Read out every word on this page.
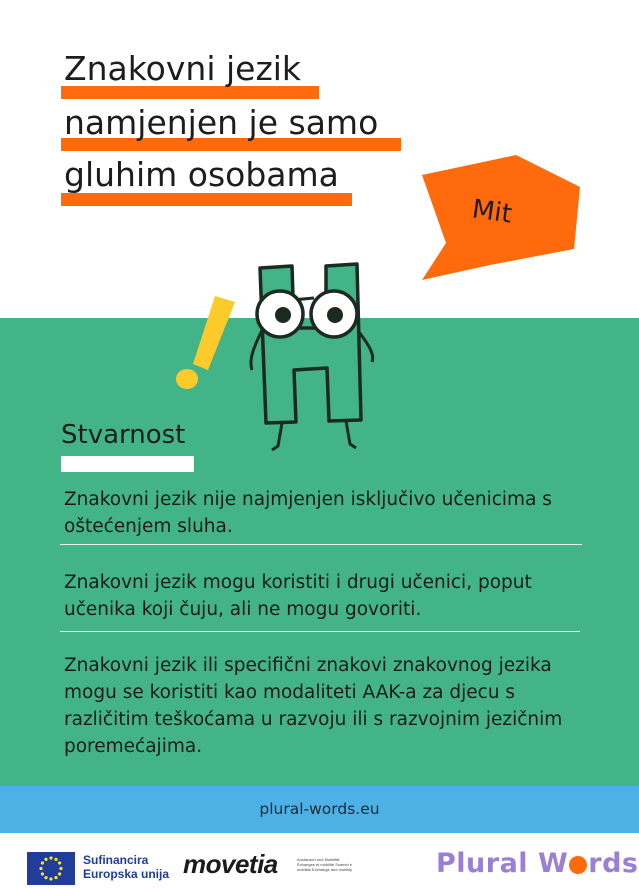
Znakovni jezik
namjenjen je samo
gluhim osobama
Mit
Stvarnost
Znakovni jezik nije najmjenjen isključivo učenicima s
oštećenjem sluha.
Znakovni jezik mogu koristiti i drugi učenici, poput
učenika koji čuju, ali ne mogu govoriti.
Znakovni jezik ili specifični znakovi znakovnog jezika
mogu se koristiti kao modaliteti AAK-a za djecu s
različitim teškoćama u razvoju ili s razvojnim jezičnim
poremećajima.
plural-words.eu
Sufinancira
Europska unija movetia	Austausch und Mobilität Échanges et mobilité Scambi e mobilità Exchange and mobility	Plural W rds
